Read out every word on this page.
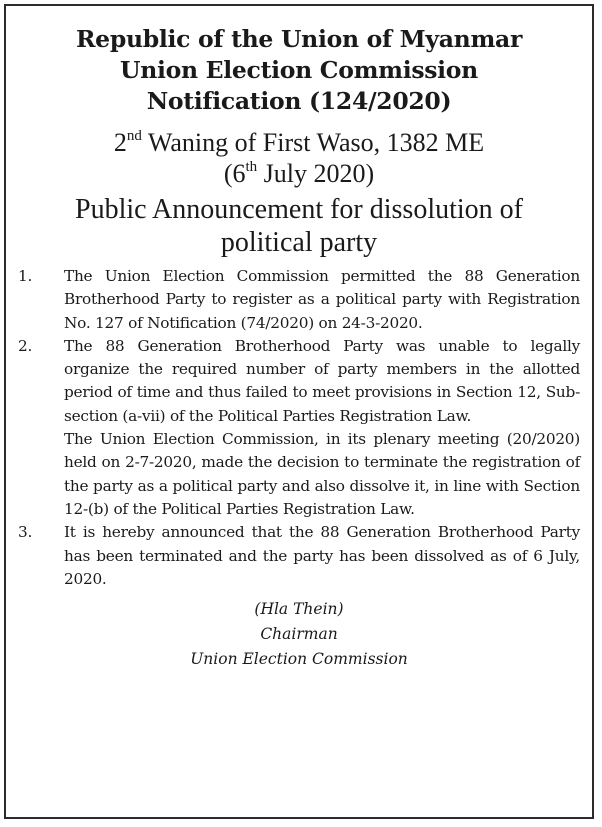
Republic of the Union of Myanmar
Union Election Commission
Notification (124/2020)
2nd Waning of First Waso, 1382 ME
(6th July 2020)
Public Announcement for dissolution of
political party
1. The Union Election Commission permitted the 88 Generation Brotherhood Party to register as a political party with Registration No. 127 of Notification (74/2020) on 24-3-2020.

2. The 88 Generation Brotherhood Party was unable to legally organize the required number of party members in the allotted period of time and thus failed to meet provisions in Section 12, Sub-section (a-vii) of the Political Parties Registration Law.

The Union Election Commission, in its plenary meeting (20/2020) held on 2-7-2020, made the decision to terminate the registration of the party as a political party and also dissolve it, in line with Section 12-(b) of the Political Parties Registration Law.

3. It is hereby announced that the 88 Generation Brotherhood Party has been terminated and the party has been dissolved as of 6 July, 2020.

(Hla Thein)
Chairman
Union Election Commission
